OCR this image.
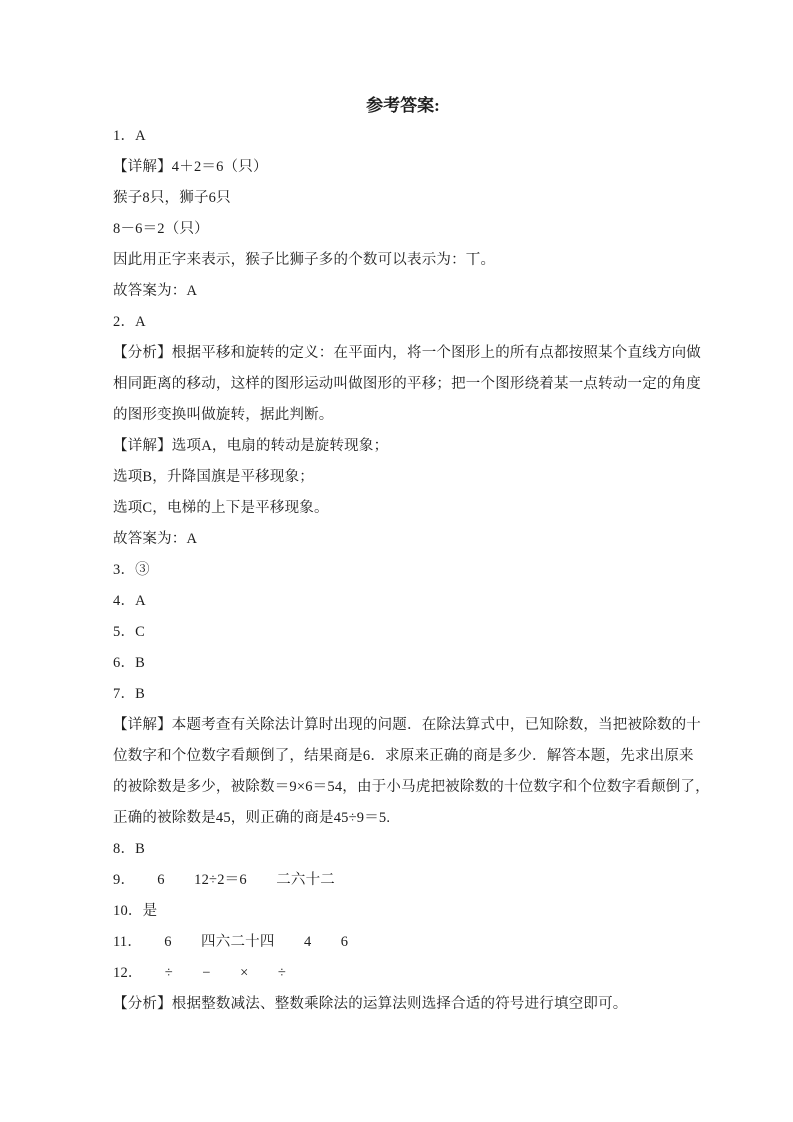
参考答案:
1．A
【详解】4＋2＝6（只）
猴子8只，狮子6只
8－6＝2（只）
因此用正字来表示，猴子比狮子多的个数可以表示为：丅。
故答案为：A
2．A
【分析】根据平移和旋转的定义：在平面内，将一个图形上的所有点都按照某个直线方向做
相同距离的移动，这样的图形运动叫做图形的平移；把一个图形绕着某一点转动一定的角度
的图形变换叫做旋转，据此判断。
【详解】选项A，电扇的转动是旋转现象；
选项B，升降国旗是平移现象；
选项C，电梯的上下是平移现象。
故答案为：A
3．③
4．A
5．C
6．B
7．B
【详解】本题考查有关除法计算时出现的问题．在除法算式中，已知除数，当把被除数的十
位数字和个位数字看颠倒了，结果商是6．求原来正确的商是多少．解答本题，先求出原来
的被除数是多少，被除数＝9×6＝54，由于小马虎把被除数的十位数字和个位数字看颠倒了，
正确的被除数是45，则正确的商是45÷9＝5.
8．B
9．　　6　　12÷2＝6　　二六十二
10．是
11．　　6　　四六二十四　　4　　6
12．　　÷　　−　　×　　÷
【分析】根据整数减法、整数乘除法的运算法则选择合适的符号进行填空即可。
